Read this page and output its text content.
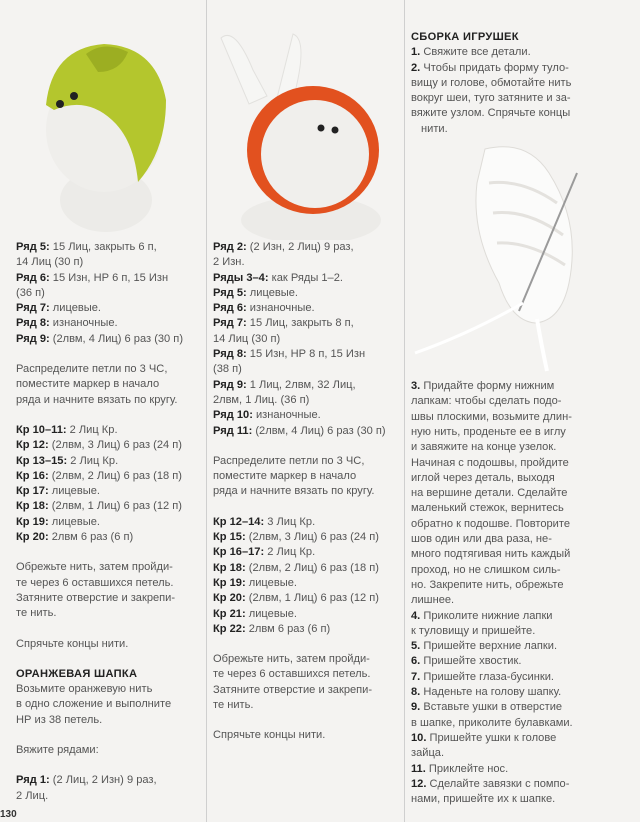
Ряд 5: 15 Лиц, закрыть 6 п,

14 Лиц (30 п)

Ряд 6: 15 Изн, НР 6 п, 15 Изн

(36 п)

Ряд 7: лицевые.

Ряд 8: изнаночные.

Ряд 9: (2лвм, 4 Лиц) 6 раз (30 п)

Распределите петли по 3 ЧС,

поместите маркер в начало

ряда и начните вязать по кругу.

Кр 10–11: 2 Лиц Кр.

Кр 12: (2лвм, 3 Лиц) 6 раз (24 п)

Кр 13–15: 2 Лиц Кр.

Кр 16: (2лвм, 2 Лиц) 6 раз (18 п)

Кр 17: лицевые.

Кр 18: (2лвм, 1 Лиц) 6 раз (12 п)

Кр 19: лицевые.

Кр 20: 2лвм 6 раз (6 п)

Обрежьте нить, затем пройди-

те через 6 оставшихся петель.

Затяните отверстие и закрепи-

те нить.

Спрячьте концы нити.

ОРАНЖЕВАЯ ШАПКА

Возьмите оранжевую нить

в одно сложение и выполните

НР из 38 петель.

Вяжите рядами:

Ряд 1: (2 Лиц, 2 Изн) 9 раз,

2 Лиц.

130

Ряд 2: (2 Изн, 2 Лиц) 9 раз,

2 Изн.

Ряды 3–4: как Ряды 1–2.

Ряд 5: лицевые.

Ряд 6: изнаночные.

Ряд 7: 15 Лиц, закрыть 8 п,

14 Лиц (30 п)

Ряд 8: 15 Изн, НР 8 п, 15 Изн

(38 п)

Ряд 9: 1 Лиц, 2лвм, 32 Лиц,

2лвм, 1 Лиц. (36 п)

Ряд 10: изнаночные.

Ряд 11: (2лвм, 4 Лиц) 6 раз (30 п)

Распределите петли по 3 ЧС,

поместите маркер в начало

ряда и начните вязать по кругу.

Кр 12–14: 3 Лиц Кр.

Кр 15: (2лвм, 3 Лиц) 6 раз (24 п)

Кр 16–17: 2 Лиц Кр.

Кр 18: (2лвм, 2 Лиц) 6 раз (18 п)

Кр 19: лицевые.

Кр 20: (2лвм, 1 Лиц) 6 раз (12 п)

Кр 21: лицевые.

Кр 22: 2лвм 6 раз (6 п)

Обрежьте нить, затем пройди-

те через 6 оставшихся петель.

Затяните отверстие и закрепи-

те нить.

Спрячьте концы нити.

СБОРКА ИГРУШЕК

1. Свяжите все детали.

2. Чтобы придать форму туло-

вищу и голове, обмотайте нить

вокруг шеи, туго затяните и за-

вяжите узлом. Спрячьте концы

нити.

3. Придайте форму нижним

лапкам: чтобы сделать подо-

швы плоскими, возьмите длин-

ную нить, проденьте ее в иглу

и завяжите на конце узелок.

Начиная с подошвы, пройдите

иглой через деталь, выходя

на вершине детали. Сделайте

маленький стежок, вернитесь

обратно к подошве. Повторите

шов один или два раза, не-

много подтягивая нить каждый

проход, но не слишком силь-

но. Закрепите нить, обрежьте

лишнее.

4. Приколите нижние лапки

к туловищу и пришейте.

5. Пришейте верхние лапки.

6. Пришейте хвостик.

7. Пришейте глаза-бусинки.

8. Наденьте на голову шапку.

9. Вставьте ушки в отверстие

в шапке, приколите булавками.

10. Пришейте ушки к голове

зайца.

11. Приклейте нос.

12. Сделайте завязки с помпо-

нами, пришейте их к шапке.
